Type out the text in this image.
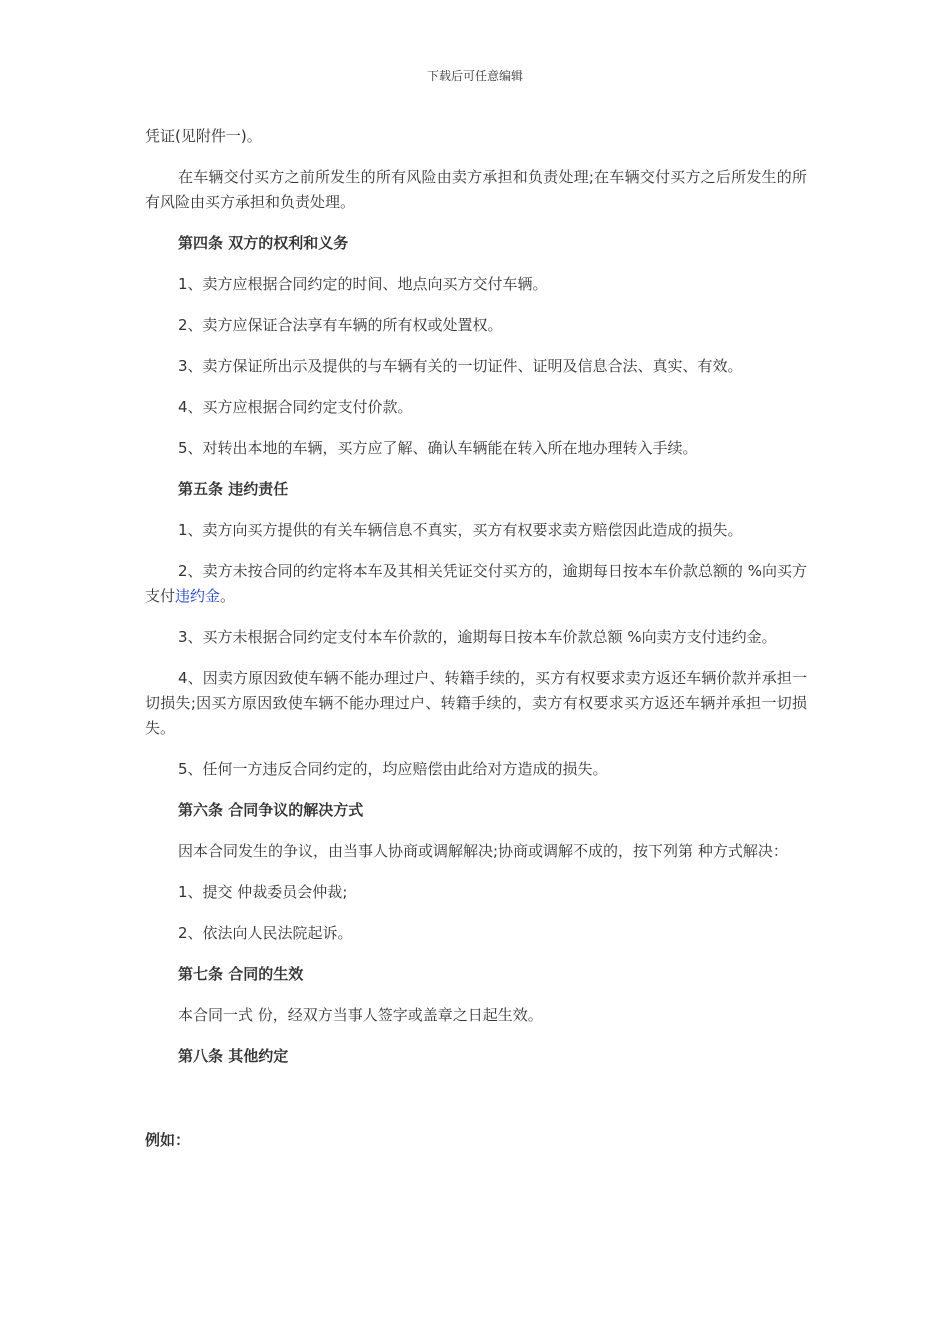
下载后可任意编辑

凭证(见附件一)。

在车辆交付买方之前所发生的所有风险由卖方承担和负责处理;在车辆交付买方之后所发生的所有风险由买方承担和负责处理。

第四条 双方的权利和义务

1、卖方应根据合同约定的时间、地点向买方交付车辆。

2、卖方应保证合法享有车辆的所有权或处置权。

3、卖方保证所出示及提供的与车辆有关的一切证件、证明及信息合法、真实、有效。

4、买方应根据合同约定支付价款。

5、对转出本地的车辆，买方应了解、确认车辆能在转入所在地办理转入手续。

第五条 违约责任

1、卖方向买方提供的有关车辆信息不真实，买方有权要求卖方赔偿因此造成的损失。

2、卖方未按合同的约定将本车及其相关凭证交付买方的，逾期每日按本车价款总额的 %向买方支付违约金。

3、买方未根据合同约定支付本车价款的，逾期每日按本车价款总额 %向卖方支付违约金。

4、因卖方原因致使车辆不能办理过户、转籍手续的，买方有权要求卖方返还车辆价款并承担一切损失;因买方原因致使车辆不能办理过户、转籍手续的，卖方有权要求买方返还车辆并承担一切损失。

5、任何一方违反合同约定的，均应赔偿由此给对方造成的损失。

第六条 合同争议的解决方式

因本合同发生的争议，由当事人协商或调解解决;协商或调解不成的，按下列第 种方式解决：

1、提交 仲裁委员会仲裁;

2、依法向人民法院起诉。

第七条 合同的生效

本合同一式 份，经双方当事人签字或盖章之日起生效。

第八条 其他约定

例如：
